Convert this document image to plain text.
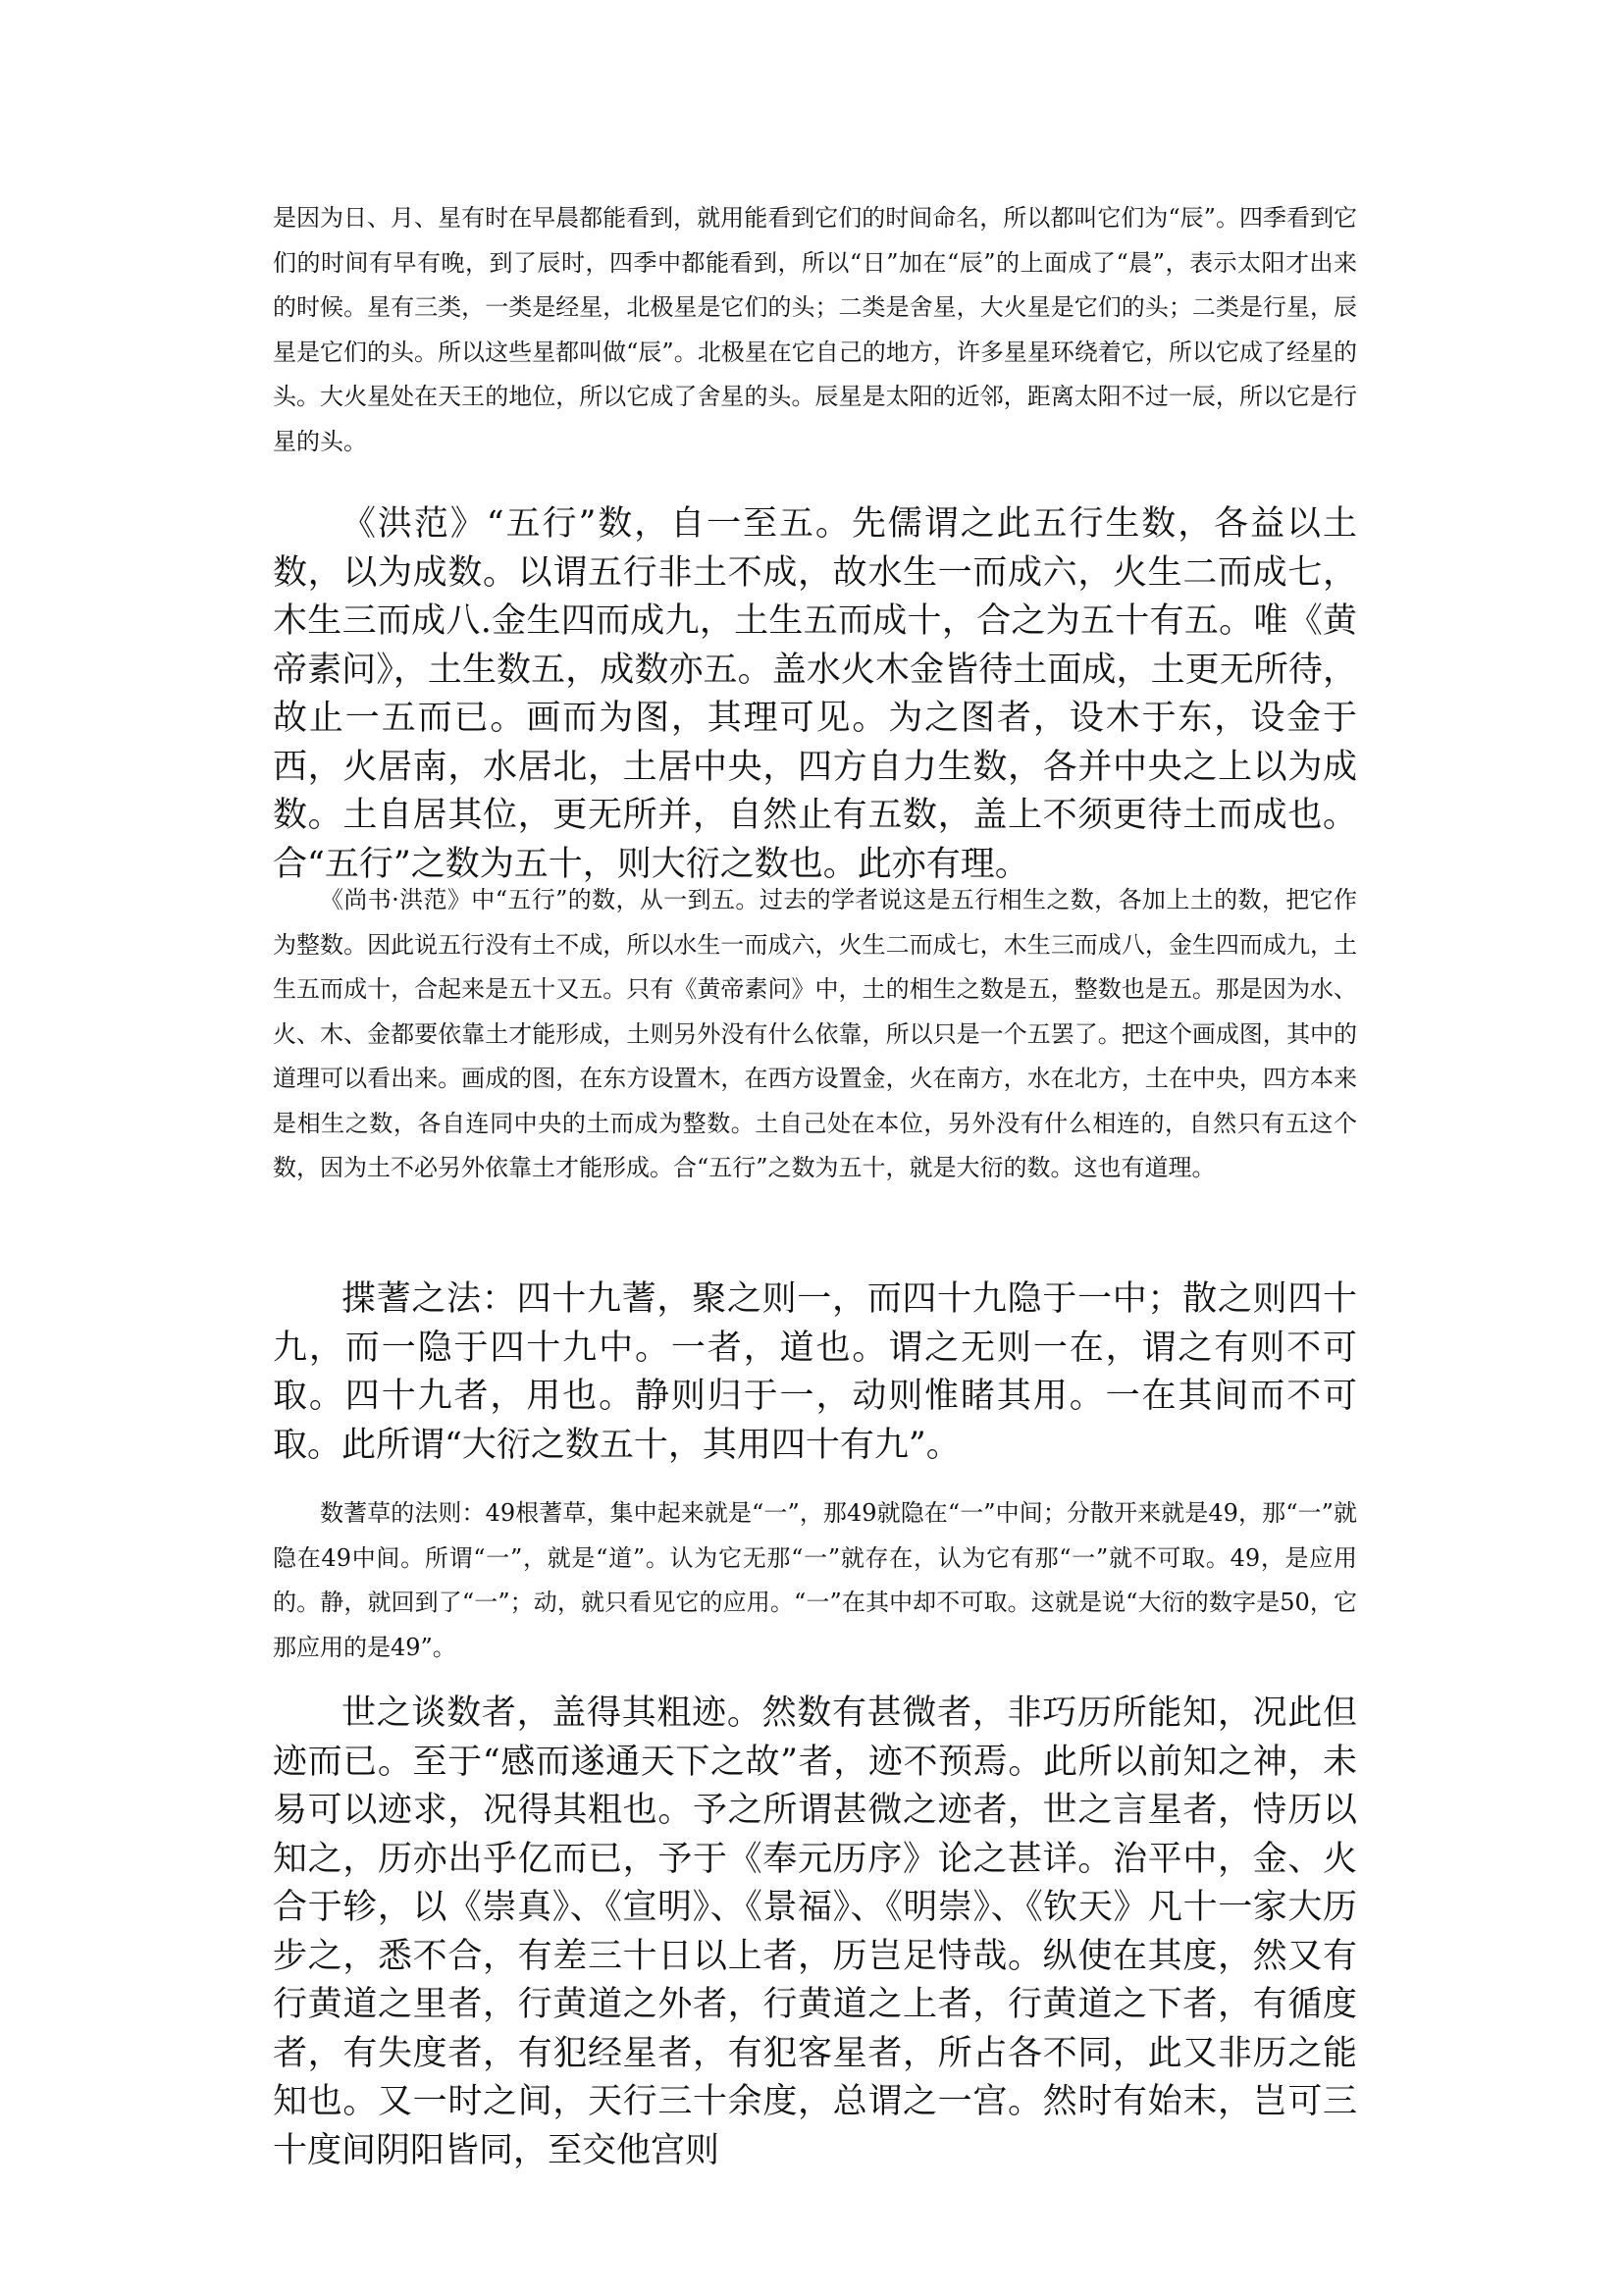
是因为日、月、星有时在早晨都能看到，就用能看到它们的时间命名，所以都叫它们为“辰”。四季看到它们的时间有早有晚，到了辰时，四季中都能看到，所以“日”加在“辰”的上面成了“晨”，表示太阳才出来的时候。星有三类，一类是经星，北极星是它们的头；二类是舍星，大火星是它们的头；二类是行星，辰星是它们的头。所以这些星都叫做“辰”。北极星在它自己的地方，许多星星环绕着它，所以它成了经星的头。大火星处在天王的地位，所以它成了舍星的头。辰星是太阳的近邻，距离太阳不过一辰，所以它是行星的头。

《洪范》“五行”数，自一至五。先儒谓之此五行生数，各益以土数，以为成数。以谓五行非土不成，故水生一而成六，火生二而成七，木生三而成八.金生四而成九，土生五而成十，合之为五十有五。唯《黄帝素问》，土生数五，成数亦五。盖水火木金皆待土面成，土更无所待，故止一五而已。画而为图，其理可见。为之图者，设木于东，设金于西，火居南，水居北，土居中央，四方自力生数，各并中央之上以为成数。土自居其位，更无所并，自然止有五数，盖上不须更待土而成也。合“五行”之数为五十，则大衍之数也。此亦有理。

《尚书·洪范》中“五行”的数，从一到五。过去的学者说这是五行相生之数，各加上土的数，把它作为整数。因此说五行没有土不成，所以水生一而成六，火生二而成七，木生三而成八，金生四而成九，土生五而成十，合起来是五十又五。只有《黄帝素问》中，土的相生之数是五，整数也是五。那是因为水、火、木、金都要依靠土才能形成，土则另外没有什么依靠，所以只是一个五罢了。把这个画成图，其中的道理可以看出来。画成的图，在东方设置木，在西方设置金，火在南方，水在北方，土在中央，四方本来是相生之数，各自连同中央的土而成为整数。土自己处在本位，另外没有什么相连的，自然只有五这个数，因为土不必另外依靠土才能形成。合“五行”之数为五十，就是大衍的数。这也有道理。

揲蓍之法：四十九蓍，聚之则一，而四十九隐于一中；散之则四十九，而一隐于四十九中。一者，道也。谓之无则一在，谓之有则不可取。四十九者，用也。静则归于一，动则惟睹其用。一在其间而不可取。此所谓“大衍之数五十，其用四十有九”。

数蓍草的法则：49根蓍草，集中起来就是“一”，那49就隐在“一”中间；分散开来就是49，那“一”就隐在49中间。所谓“一”，就是“道”。认为它无那“一”就存在，认为它有那“一”就不可取。49，是应用的。静，就回到了“一”；动，就只看见它的应用。“一”在其中却不可取。这就是说“大衍的数字是50，它那应用的是49”。

世之谈数者，盖得其粗迹。然数有甚微者，非巧历所能知，况此但迹而已。至于“感而遂通天下之故”者，迹不预焉。此所以前知之神，未易可以迹求，况得其粗也。予之所谓甚微之迹者，世之言星者，恃历以知之，历亦出乎亿而已，予于《奉元历序》论之甚详。治平中，金、火合于轸，以《崇真》、《宣明》、《景福》、《明崇》、《钦天》凡十一家大历步之，悉不合，有差三十日以上者，历岂足恃哉。纵使在其度，然又有行黄道之里者，行黄道之外者，行黄道之上者，行黄道之下者，有循度者，有失度者，有犯经星者，有犯客星者，所占各不同，此又非历之能知也。又一时之间，天行三十余度，总谓之一宫。然时有始末，岂可三十度间阴阳皆同，至交他宫则
